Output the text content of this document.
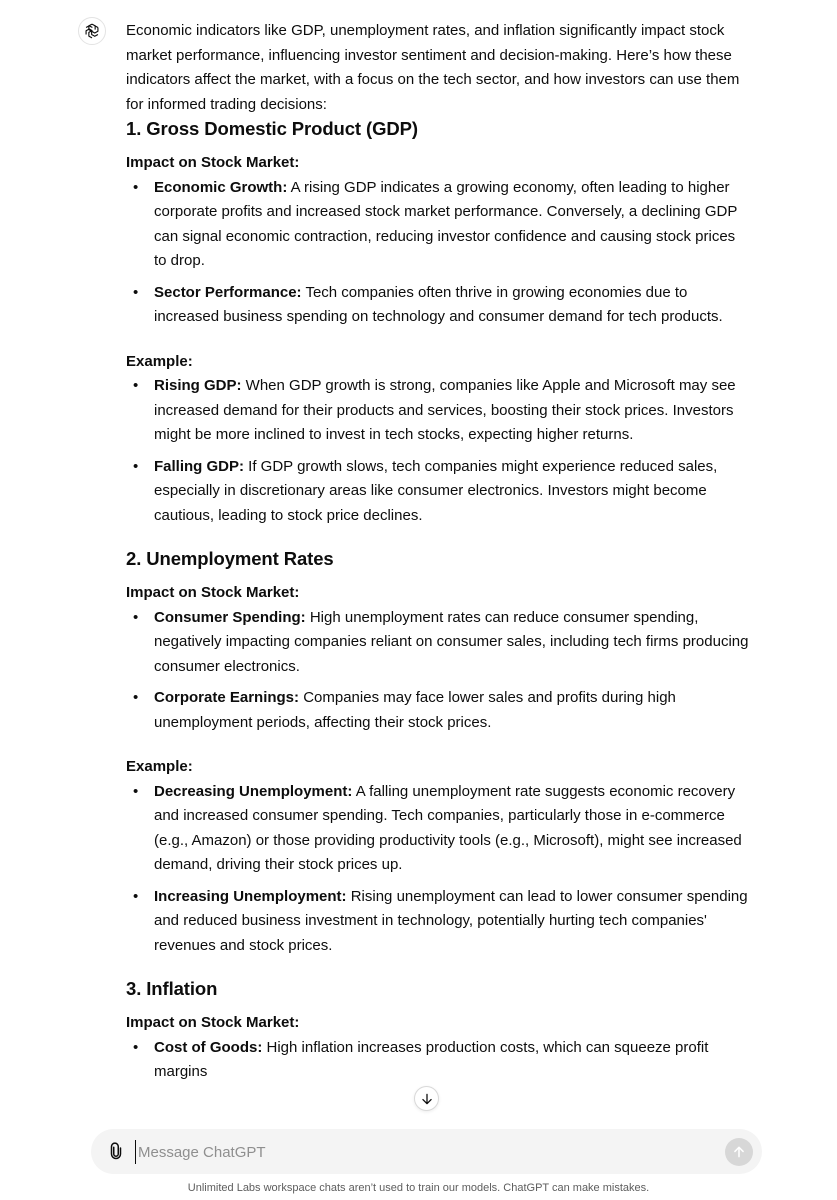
Economic indicators like GDP, unemployment rates, and inflation significantly impact stock market performance, influencing investor sentiment and decision-making. Here’s how these indicators affect the market, with a focus on the tech sector, and how investors can use them for informed trading decisions:

1. Gross Domestic Product (GDP)

Impact on Stock Market:

• Economic Growth: A rising GDP indicates a growing economy, often leading to higher corporate profits and increased stock market performance. Conversely, a declining GDP can signal economic contraction, reducing investor confidence and causing stock prices to drop.
• Sector Performance: Tech companies often thrive in growing economies due to increased business spending on technology and consumer demand for tech products.

Example:

• Rising GDP: When GDP growth is strong, companies like Apple and Microsoft may see increased demand for their products and services, boosting their stock prices. Investors might be more inclined to invest in tech stocks, expecting higher returns.
• Falling GDP: If GDP growth slows, tech companies might experience reduced sales, especially in discretionary areas like consumer electronics. Investors might become cautious, leading to stock price declines.
2. Unemployment Rates

Impact on Stock Market:

• Consumer Spending: High unemployment rates can reduce consumer spending, negatively impacting companies reliant on consumer sales, including tech firms producing consumer electronics.
• Corporate Earnings: Companies may face lower sales and profits during high unemployment periods, affecting their stock prices.

Example:

• Decreasing Unemployment: A falling unemployment rate suggests economic recovery and increased consumer spending. Tech companies, particularly those in e-commerce (e.g., Amazon) or those providing productivity tools (e.g., Microsoft), might see increased demand, driving their stock prices up.
• Increasing Unemployment: Rising unemployment can lead to lower consumer spending and reduced business investment in technology, potentially hurting tech companies' revenues and stock prices.
3. Inflation

Impact on Stock Market:

• Cost of Goods: High inflation increases production costs, which can squeeze profit margins
Message ChatGPT
Unlimited Labs workspace chats aren’t used to train our models. ChatGPT can make mistakes.
